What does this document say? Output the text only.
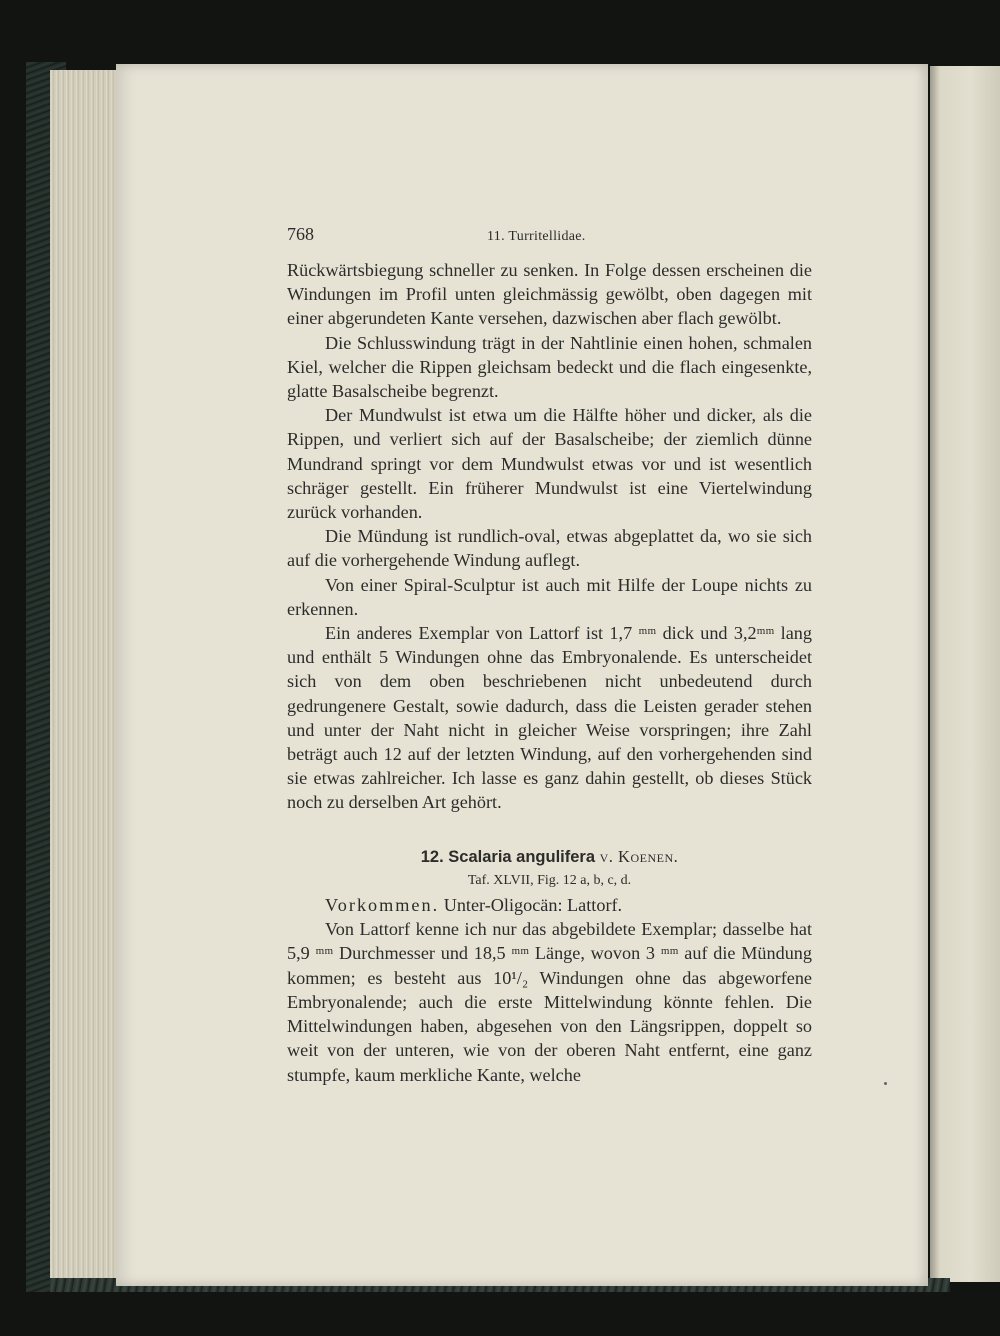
768	11. Turritellidae.

Rückwärtsbiegung schneller zu senken. In Folge dessen erscheinen die Windungen im Profil unten gleichmässig gewölbt, oben dagegen mit einer abgerundeten Kante versehen, dazwischen aber flach gewölbt.

Die Schlusswindung trägt in der Nahtlinie einen hohen, schmalen Kiel, welcher die Rippen gleichsam bedeckt und die flach eingesenkte, glatte Basalscheibe begrenzt.

Der Mundwulst ist etwa um die Hälfte höher und dicker, als die Rippen, und verliert sich auf der Basalscheibe; der ziemlich dünne Mundrand springt vor dem Mundwulst etwas vor und ist wesentlich schräger gestellt. Ein früherer Mundwulst ist eine Viertelwindung zurück vorhanden.

Die Mündung ist rundlich-oval, etwas abgeplattet da, wo sie sich auf die vorhergehende Windung auflegt.

Von einer Spiral-Sculptur ist auch mit Hilfe der Loupe nichts zu erkennen.

Ein anderes Exemplar von Lattorf ist 1,7 ᵐᵐ dick und 3,2ᵐᵐ lang und enthält 5 Windungen ohne das Embryonalende. Es unterscheidet sich von dem oben beschriebenen nicht unbedeutend durch gedrungenere Gestalt, sowie dadurch, dass die Leisten gerader stehen und unter der Naht nicht in gleicher Weise vorspringen; ihre Zahl beträgt auch 12 auf der letzten Windung, auf den vorhergehenden sind sie etwas zahlreicher. Ich lasse es ganz dahin gestellt, ob dieses Stück noch zu derselben Art gehört.

12. Scalaria angulifera v. Koenen.

Taf. XLVII, Fig. 12 a, b, c, d.

Vorkommen. Unter-Oligocän: Lattorf.

Von Lattorf kenne ich nur das abgebildete Exemplar; dasselbe hat 5,9 ᵐᵐ Durchmesser und 18,5 ᵐᵐ Länge, wovon 3 ᵐᵐ auf die Mündung kommen; es besteht aus 10¹/₂ Windungen ohne das abgeworfene Embryonalende; auch die erste Mittelwindung könnte fehlen. Die Mittelwindungen haben, abgesehen von den Längsrippen, doppelt so weit von der unteren, wie von der oberen Naht entfernt, eine ganz stumpfe, kaum merkliche Kante, welche
